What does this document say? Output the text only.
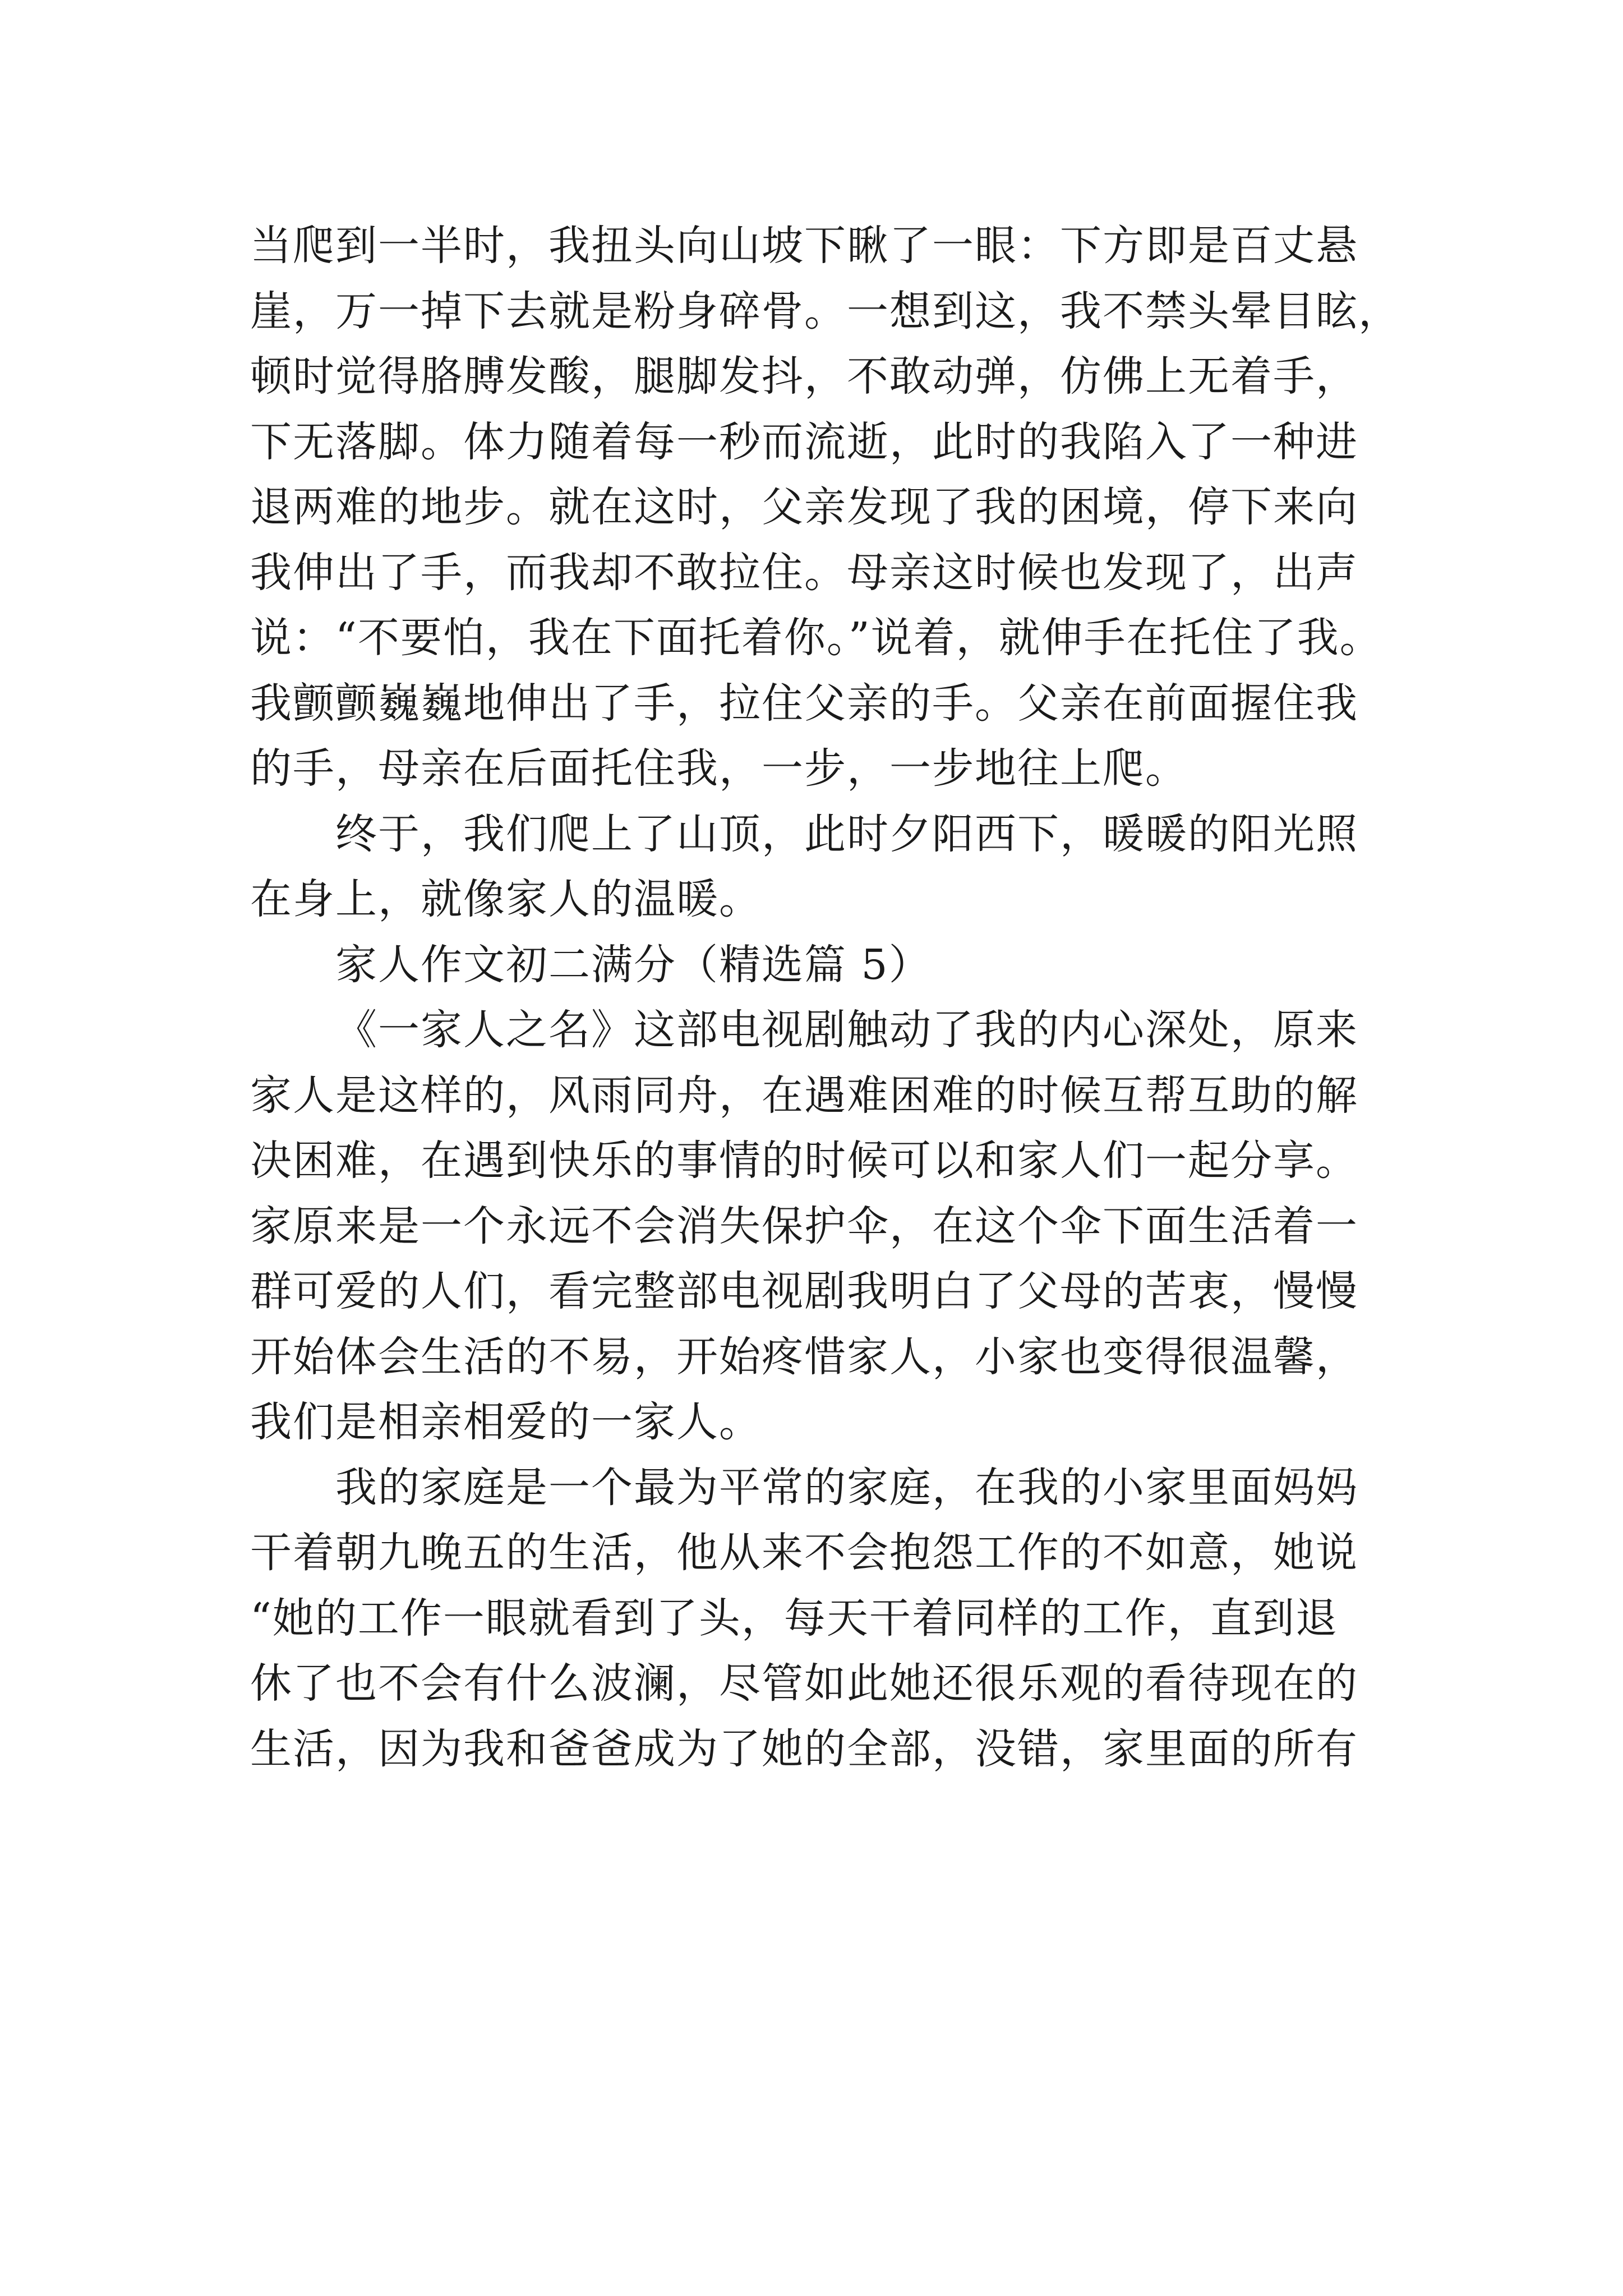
当爬到一半时，我扭头向山坡下瞅了一眼：下方即是百丈悬
崖，万一掉下去就是粉身碎骨。一想到这，我不禁头晕目眩，
顿时觉得胳膊发酸，腿脚发抖，不敢动弹，仿佛上无着手，
下无落脚。体力随着每一秒而流逝，此时的我陷入了一种进
退两难的地步。就在这时，父亲发现了我的困境，停下来向
我伸出了手，而我却不敢拉住。母亲这时候也发现了，出声
说：“不要怕，我在下面托着你。”说着，就伸手在托住了我。
我颤颤巍巍地伸出了手，拉住父亲的手。父亲在前面握住我
的手，母亲在后面托住我，一步，一步地往上爬。
终于，我们爬上了山顶，此时夕阳西下，暖暖的阳光照
在身上，就像家人的温暖。
家人作文初二满分（精选篇 5）
《一家人之名》这部电视剧触动了我的内心深处，原来
家人是这样的，风雨同舟，在遇难困难的时候互帮互助的解
决困难，在遇到快乐的事情的时候可以和家人们一起分享。
家原来是一个永远不会消失保护伞，在这个伞下面生活着一
群可爱的人们，看完整部电视剧我明白了父母的苦衷，慢慢
开始体会生活的不易，开始疼惜家人，小家也变得很温馨，
我们是相亲相爱的一家人。
我的家庭是一个最为平常的家庭，在我的小家里面妈妈
干着朝九晚五的生活，他从来不会抱怨工作的不如意，她说
“她的工作一眼就看到了头，每天干着同样的工作，直到退
休了也不会有什么波澜，尽管如此她还很乐观的看待现在的
生活，因为我和爸爸成为了她的全部，没错，家里面的所有
